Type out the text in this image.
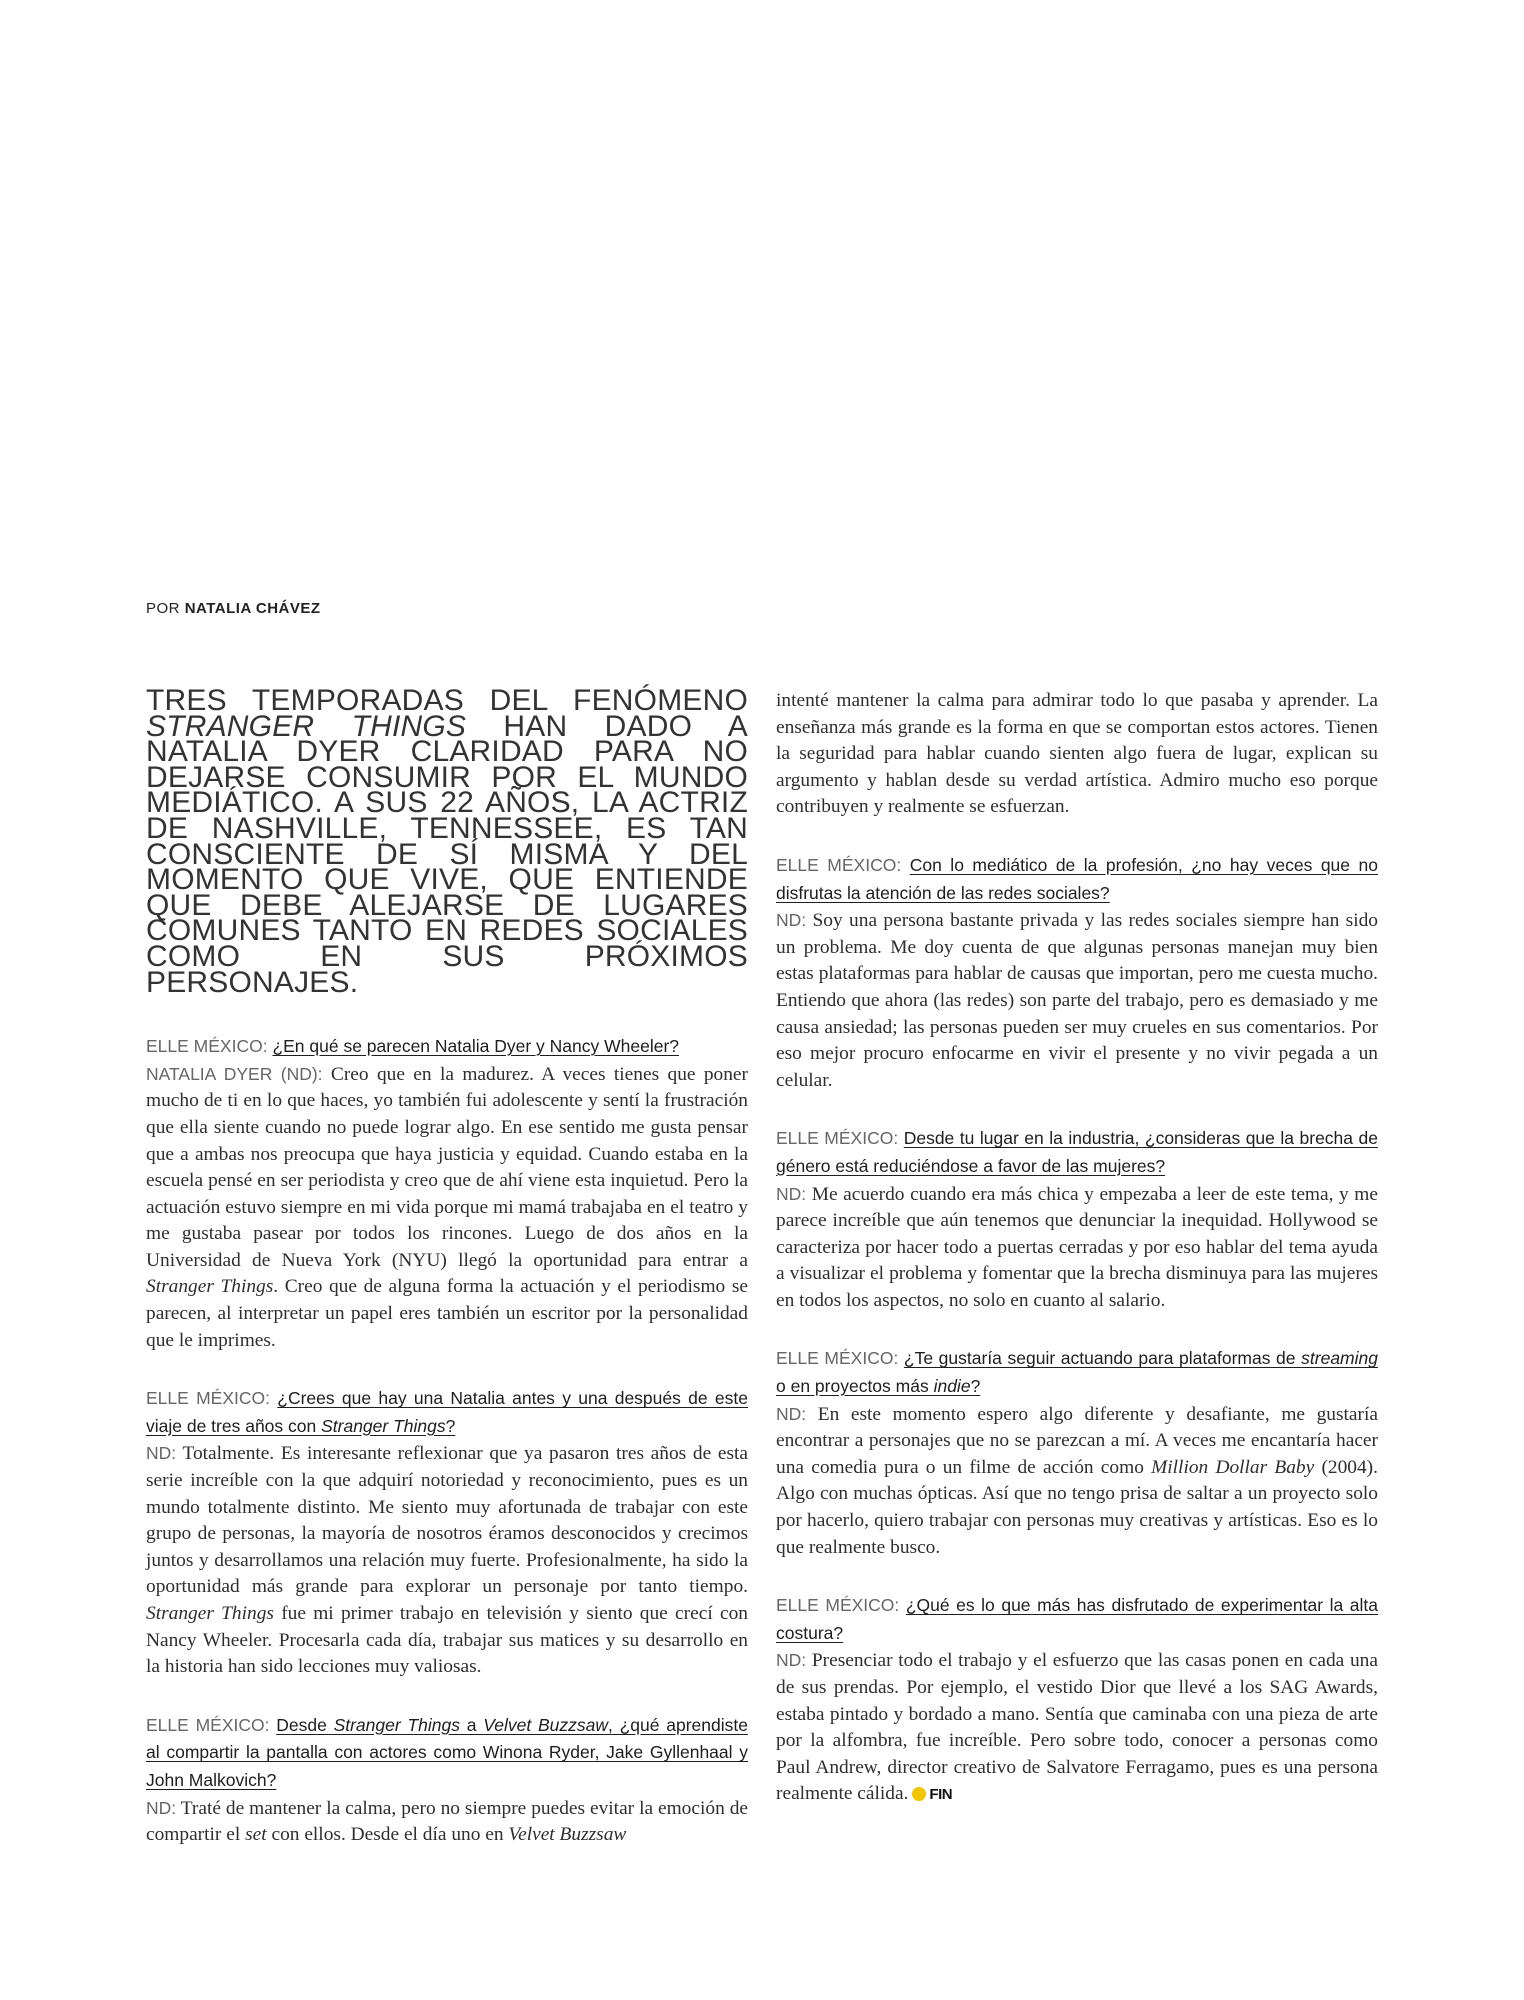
POR NATALIA CHÁVEZ

TRES TEMPORADAS DEL FENÓMENO STRANGER THINGS HAN DADO A NATALIA DYER CLARIDAD PARA NO DEJARSE CONSUMIR POR EL MUNDO MEDIÁTICO. A SUS 22 AÑOS, LA ACTRIZ DE NASHVILLE, TENNESSEE, ES TAN CONSCIENTE DE SÍ MISMA Y DEL MOMENTO QUE VIVE, QUE ENTIENDE QUE DEBE ALEJARSE DE LUGARES COMUNES TANTO EN REDES SOCIALES COMO EN SUS PRÓXIMOS PERSONAJES.

ELLE MÉXICO: ¿En qué se parecen Natalia Dyer y Nancy Wheeler?

NATALIA DYER (ND): Creo que en la madurez. A veces tienes que poner mucho de ti en lo que haces, yo también fui adolescente y sentí la frustración que ella siente cuando no puede lograr algo. En ese sentido me gusta pensar que a ambas nos preocupa que haya justicia y equidad. Cuando estaba en la escuela pensé en ser periodista y creo que de ahí viene esta inquietud. Pero la actuación estuvo siempre en mi vida porque mi mamá trabajaba en el teatro y me gustaba pasear por todos los rincones. Luego de dos años en la Universidad de Nueva York (NYU) llegó la oportunidad para entrar a Stranger Things. Creo que de alguna forma la actuación y el periodismo se parecen, al interpretar un papel eres también un escritor por la personalidad que le imprimes.

ELLE MÉXICO: ¿Crees que hay una Natalia antes y una después de este viaje de tres años con Stranger Things?

ND: Totalmente. Es interesante reflexionar que ya pasaron tres años de esta serie increíble con la que adquirí notoriedad y reconocimiento, pues es un mundo totalmente distinto. Me siento muy afortunada de trabajar con este grupo de personas, la mayoría de nosotros éramos desconocidos y crecimos juntos y desarrollamos una relación muy fuerte. Profesionalmente, ha sido la oportunidad más grande para explorar un personaje por tanto tiempo. Stranger Things fue mi primer trabajo en televisión y siento que crecí con Nancy Wheeler. Procesarla cada día, trabajar sus matices y su desarrollo en la historia han sido lecciones muy valiosas.

ELLE MÉXICO: Desde Stranger Things a Velvet Buzzsaw, ¿qué aprendiste al compartir la pantalla con actores como Winona Ryder, Jake Gyllenhaal y John Malkovich?

ND: Traté de mantener la calma, pero no siempre puedes evitar la emoción de compartir el set con ellos. Desde el día uno en Velvet Buzzsaw

intenté mantener la calma para admirar todo lo que pasaba y aprender. La enseñanza más grande es la forma en que se comportan estos actores. Tienen la seguridad para hablar cuando sienten algo fuera de lugar, explican su argumento y hablan desde su verdad artística. Admiro mucho eso porque contribuyen y realmente se esfuerzan.

ELLE MÉXICO: Con lo mediático de la profesión, ¿no hay veces que no disfrutas la atención de las redes sociales?

ND: Soy una persona bastante privada y las redes sociales siempre han sido un problema. Me doy cuenta de que algunas personas manejan muy bien estas plataformas para hablar de causas que importan, pero me cuesta mucho. Entiendo que ahora (las redes) son parte del trabajo, pero es demasiado y me causa ansiedad; las personas pueden ser muy crueles en sus comentarios. Por eso mejor procuro enfocarme en vivir el presente y no vivir pegada a un celular.

ELLE MÉXICO: Desde tu lugar en la industria, ¿consideras que la brecha de género está reduciéndose a favor de las mujeres?

ND: Me acuerdo cuando era más chica y empezaba a leer de este tema, y me parece increíble que aún tenemos que denunciar la inequidad. Hollywood se caracteriza por hacer todo a puertas cerradas y por eso hablar del tema ayuda a visualizar el problema y fomentar que la brecha disminuya para las mujeres en todos los aspectos, no solo en cuanto al salario.

ELLE MÉXICO: ¿Te gustaría seguir actuando para plataformas de streaming o en proyectos más indie?

ND: En este momento espero algo diferente y desafiante, me gustaría encontrar a personajes que no se parezcan a mí. A veces me encantaría hacer una comedia pura o un filme de acción como Million Dollar Baby (2004). Algo con muchas ópticas. Así que no tengo prisa de saltar a un proyecto solo por hacerlo, quiero trabajar con personas muy creativas y artísticas. Eso es lo que realmente busco.

ELLE MÉXICO: ¿Qué es lo que más has disfrutado de experimentar la alta costura?

ND: Presenciar todo el trabajo y el esfuerzo que las casas ponen en cada una de sus prendas. Por ejemplo, el vestido Dior que llevé a los SAG Awards, estaba pintado y bordado a mano. Sentía que caminaba con una pieza de arte por la alfombra, fue increíble. Pero sobre todo, conocer a personas como Paul Andrew, director creativo de Salvatore Ferragamo, pues es una persona realmente cálida. FIN
